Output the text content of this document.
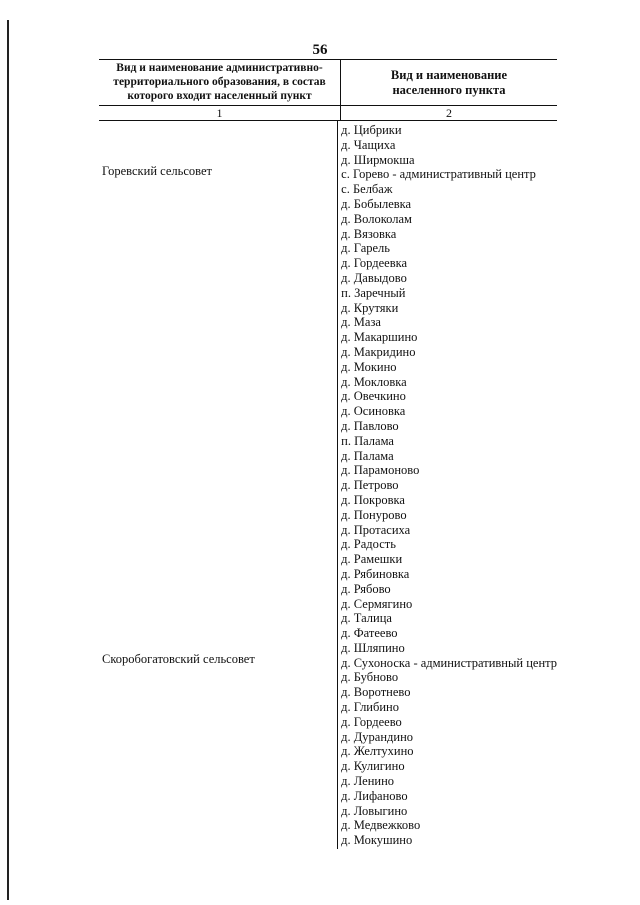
56
Вид и наименование административно-
территориального образования, в состав
которого входит населенный пункт
Вид и наименование
населенного пункта
1	2
Горевский сельсовет
Скоробогатовский сельсовет
д. Цибрики
д. Чащиха
д. Ширмокша
с. Горево - административный центр
с. Белбаж
д. Бобылевка
д. Волоколам
д. Вязовка
д. Гарель
д. Гордеевка
д. Давыдово
п. Заречный
д. Крутяки
д. Маза
д. Макаршино
д. Макридино
д. Мокино
д. Мокловка
д. Овечкино
д. Осиновка
д. Павлово
п. Палама
д. Палама
д. Парамоново
д. Петрово
д. Покровка
д. Понурово
д. Протасиха
д. Радость
д. Рамешки
д. Рябиновка
д. Рябово
д. Сермягино
д. Талица
д. Фатеево
д. Шляпино
д. Сухоноска - административный центр
д. Бубново
д. Воротнево
д. Глибино
д. Гордеево
д. Дурандино
д. Желтухино
д. Кулигино
д. Ленино
д. Лифаново
д. Ловыгино
д. Медвежково
д. Мокушино
